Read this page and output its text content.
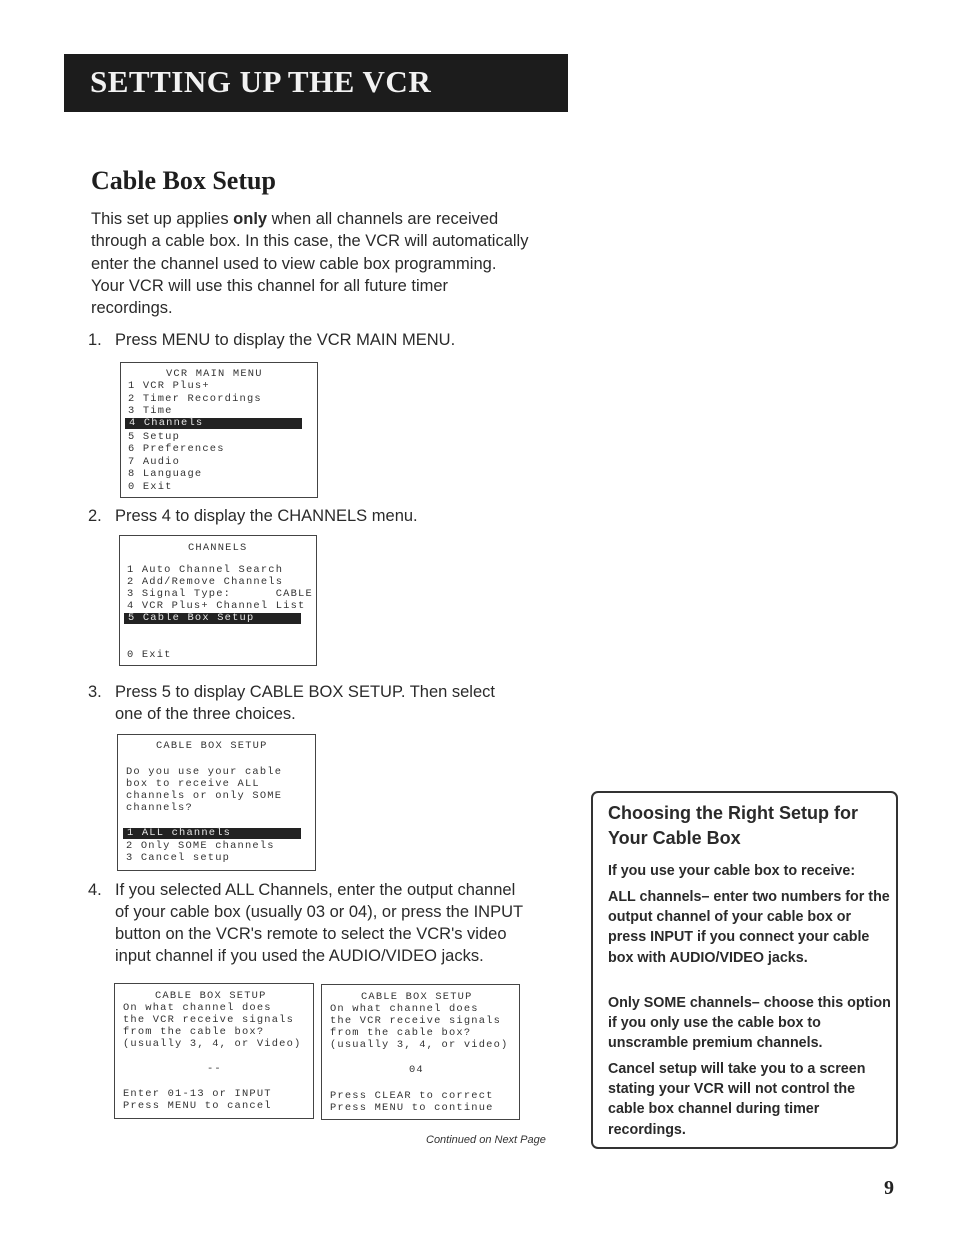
SETTING UP THE VCR
Cable Box Setup
This set up applies only when all channels are received
through a cable box. In this case, the VCR will automatically
enter the channel used to view cable box programming.
Your VCR will use this channel for all future timer
recordings.
1. Press MENU to display the VCR MAIN MENU.
VCR MAIN MENU
1 VCR Plus+
2 Timer Recordings
3 Time
4 Channels
5 Setup
6 Preferences
7 Audio
8 Language
0 Exit
2. Press 4 to display the CHANNELS menu.
CHANNELS
1 Auto Channel Search
2 Add/Remove Channels
3 Signal Type:      CABLE
4 VCR Plus+ Channel List
5 Cable Box Setup
0 Exit
3. Press 5 to display CABLE BOX SETUP. Then select
one of the three choices.
CABLE BOX SETUP
Do you use your cable
box to receive ALL
channels or only SOME
channels?
1 ALL channels
2 Only SOME channels
3 Cancel setup
4. If you selected ALL Channels, enter the output channel
of your cable box (usually 03 or 04), or press the INPUT
button on the VCR's remote to select the VCR's video
input channel if you used the AUDIO/VIDEO jacks.
CABLE BOX SETUP
On what channel does
the VCR receive signals
from the cable box?
(usually 3, 4, or Video)
--
Enter 01-13 or INPUT
Press MENU to cancel
CABLE BOX SETUP
On what channel does
the VCR receive signals
from the cable box?
(usually 3, 4, or video)
04
Press CLEAR to correct
Press MENU to continue
Choosing the Right Setup for Your Cable Box
If you use your cable box to receive:
ALL channels– enter two numbers for the output channel of your cable box or press INPUT if you connect your cable box with AUDIO/VIDEO jacks.
Only SOME channels– choose this option if you only use the cable box to unscramble premium channels.
Cancel setup will take you to a screen stating your VCR will not control the cable box channel during timer recordings.
Continued on Next Page
9
